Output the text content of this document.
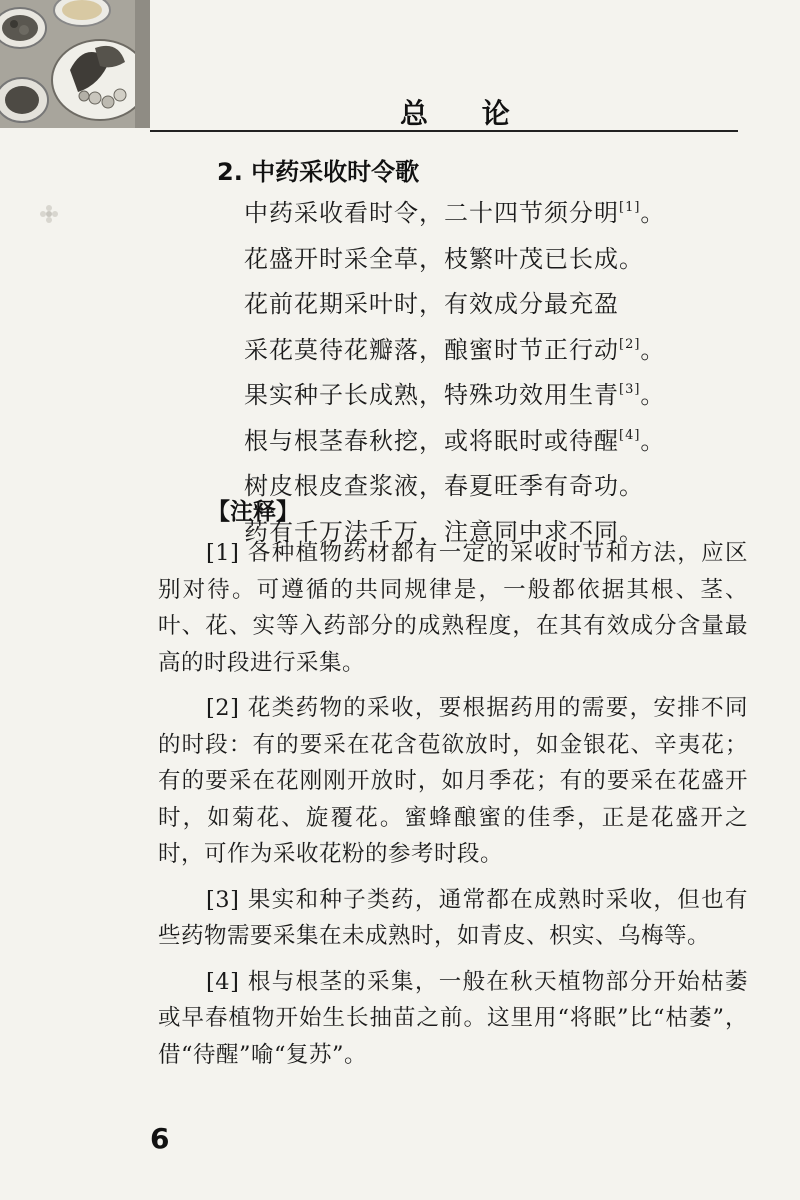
总 论
2. 中药采收时令歌
中药采收看时令，二十四节须分明[1]。
花盛开时采全草，枝繁叶茂已长成。
花前花期采叶时，有效成分最充盈
采花莫待花瓣落，酿蜜时节正行动[2]。
果实种子长成熟，特殊功效用生青[3]。
根与根茎春秋挖，或将眠时或待醒[4]。
树皮根皮查浆液，春夏旺季有奇功。
药有千万法千万，注意同中求不同。
【注释】

[1] 各种植物药材都有一定的采收时节和方法，应区别对待。可遵循的共同规律是，一般都依据其根、茎、叶、花、实等入药部分的成熟程度，在其有效成分含量最高的时段进行采集。

[2] 花类药物的采收，要根据药用的需要，安排不同的时段：有的要采在花含苞欲放时，如金银花、辛夷花；有的要采在花刚刚开放时，如月季花；有的要采在花盛开时，如菊花、旋覆花。蜜蜂酿蜜的佳季，正是花盛开之时，可作为采收花粉的参考时段。

[3] 果实和种子类药，通常都在成熟时采收，但也有些药物需要采集在未成熟时，如青皮、枳实、乌梅等。

[4] 根与根茎的采集，一般在秋天植物部分开始枯萎或早春植物开始生长抽苗之前。这里用“将眠”比“枯萎”，借“待醒”喻“复苏”。

6
